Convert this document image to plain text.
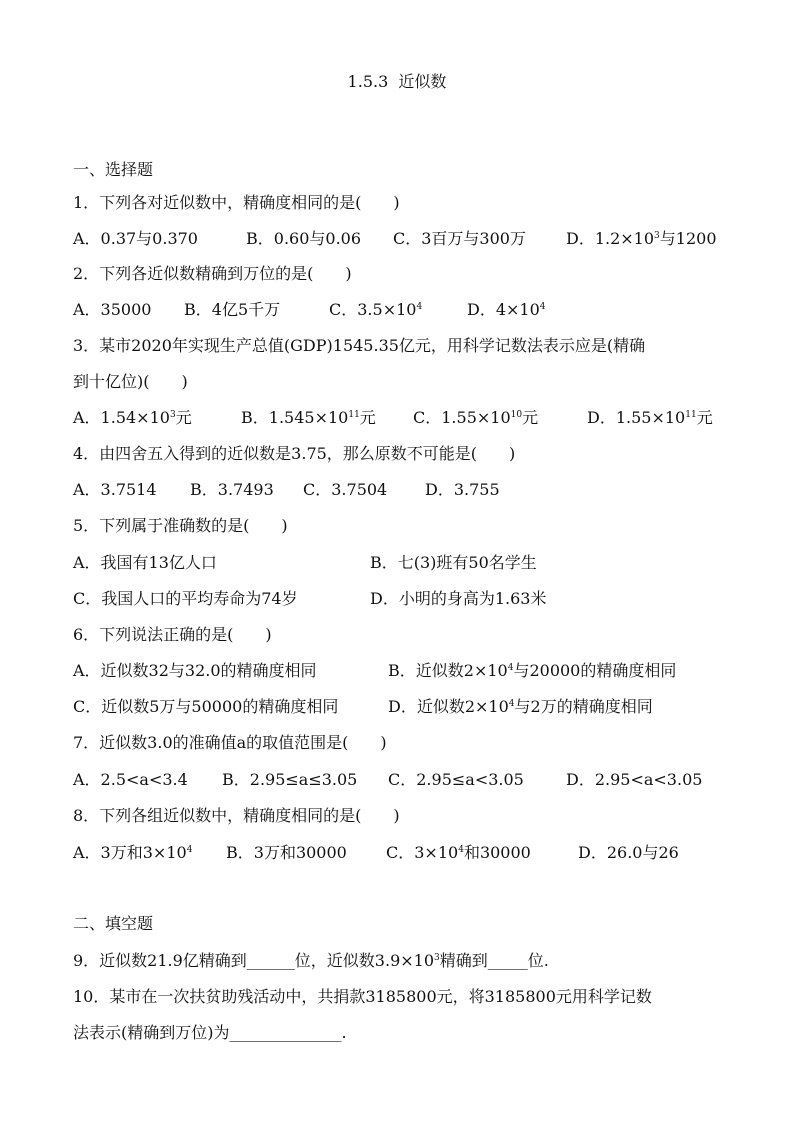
1.5.3  近似数
一、选择题
1．下列各对近似数中，精确度相同的是(　　)
A．0.37与0.370	B．0.60与0.06 C．3百万与300万	D．$1.2\times 10^3$与1200
2．下列各近似数精确到万位的是(　　)
A．35000 B．4亿5千万	C．$3.5\times 10^4$	D．$4\times 10^4$
3．某市2020年实现生产总值(GDP)1545.35亿元，用科学记数法表示应是(精确
到十亿位)(　　)
A．$1.54\times 10^3$元	B．$1.545\times 10^{11}$元 C．$1.55\times 10^{10}$元	D．$1.55\times 10^{11}$元
4．由四舍五入得到的近似数是3.75，那么原数不可能是(　　)
A．3.7514 B．3.7493 C．3.7504 D．3.755
5．下列属于准确数的是(　　)
A．我国有13亿人口	B．七(3)班有50名学生
C．我国人口的平均寿命为74岁	D．小明的身高为1.63米
6．下列说法正确的是(　　)
A．近似数32与32.0的精确度相同	B．近似数$2\times 10^4$与20000的精确度相同
C．近似数5万与50000的精确度相同	D．近似数$2\times 10^4$与2万的精确度相同
7．近似数3.0的准确值a的取值范围是(　　)
A．2.5<a<3.4 B．2.95≤a≤3.05 C．2.95≤a<3.05	D．2.95<a<3.05
8．下列各组近似数中，精确度相同的是(　　)
A．3万和$3\times 10^4$ B．3万和30000 C．$3\times 10^4$和30000	D．26.0与26
二、填空题
9．近似数21.9亿精确到______位，近似数$3.9\times 10^3$精确到_____位.
10．某市在一次扶贫助残活动中，共捐款3185800元，将3185800元用科学记数
法表示(精确到万位)为______________.
